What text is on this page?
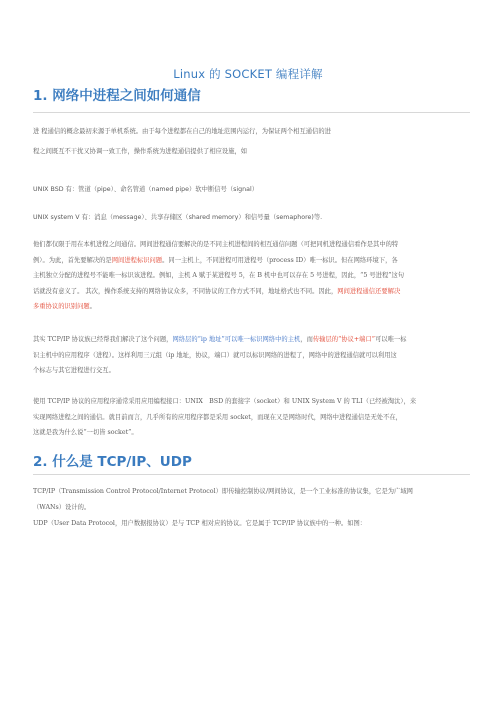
Linux 的 SOCKET 编程详解
1. 网络中进程之间如何通信
进 程通信的概念最初来源于单机系统。由于每个进程都在自己的地址范围内运行，为保证两个相互通信的进
程之间既互不干扰又协调一致工作，操作系统为进程通信提供了相应设施，如
UNIX BSD 有：管道（pipe）、命名管道（named pipe）软中断信号（signal）
UNIX system V 有：消息（message）、共享存储区（shared memory）和信号量（semaphore)等.
他们都仅限于用在本机进程之间通信。网间进程通信要解决的是不同主机进程间的相互通信问题（可把同机进程通信看作是其中的特
例）。为此，首先要解决的是网间进程标识问题。同一主机上，不同进程可用进程号（process ID）唯一标识。但在网络环境下，各
主机独立分配的进程号不能唯一标识该进程。例如，主机 A 赋于某进程号 5，在 B 机中也可以存在 5 号进程，因此，“5 号进程”这句
话就没有意义了。 其次，操作系统支持的网络协议众多，不同协议的工作方式不同，地址格式也不同。因此，网间进程通信还要解决
多重协议的识别问题。
其实 TCP/IP 协议族已经帮我们解决了这个问题，网络层的“ip 地址”可以唯一标识网络中的主机，而传输层的“协议+端口”可以唯一标
识主机中的应用程序（进程）。这样利用三元组（ip 地址，协议，端口）就可以标识网络的进程了，网络中的进程通信就可以利用这
个标志与其它进程进行交互。
使用 TCP/IP 协议的应用程序通常采用应用编程接口：UNIX　BSD 的套接字（socket）和 UNIX System V 的 TLI（已经被淘汰），来
实现网络进程之间的通信。就目前而言，几乎所有的应用程序都是采用 socket，而现在又是网络时代，网络中进程通信是无处不在，
这就是我为什么说“一切皆 socket”。
2. 什么是 TCP/IP、UDP
TCP/IP（Transmission Control Protocol/Internet Protocol）即传输控制协议/网间协议，是一个工业标准的协议集，它是为广域网
（WANs）设计的。
UDP（User Data Protocol，用户数据报协议）是与 TCP 相对应的协议。它是属于 TCP/IP 协议族中的一种。如图：
